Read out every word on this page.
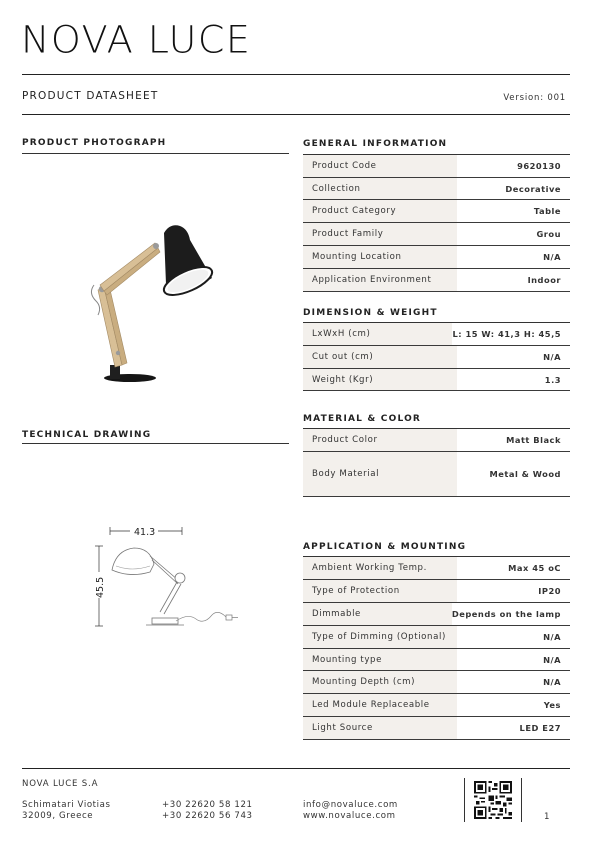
NOVA LUCE
PRODUCT DATASHEET	Version: 001
PRODUCT PHOTOGRAPH
TECHNICAL DRAWING
41.3
45.5
GENERAL INFORMATION
Product Code	9620130
Collection	Decorative
Product Category	Table
Product Family	Grou
Mounting Location	N/A
Application Environment	Indoor
DIMENSION & WEIGHT
LxWxH (cm)	L: 15 W: 41,3 H: 45,5
Cut out (cm)	N/A
Weight (Kgr)	1.3
MATERIAL & COLOR
Product Color	Matt Black
Body Material	Metal & Wood
APPLICATION & MOUNTING
Ambient Working Temp.	Max 45 oC
Type of Protection	IP20
Dimmable	Depends on the lamp
Type of Dimming (Optional)	N/A
Mounting type	N/A
Mounting Depth (cm)	N/A
Led Module Replaceable	Yes
Light Source	LED E27
NOVA LUCE S.A
Schimatari Viotias
32009, Greece
+30 22620 58 121
+30 22620 56 743
info@novaluce.com
www.novaluce.com	1
